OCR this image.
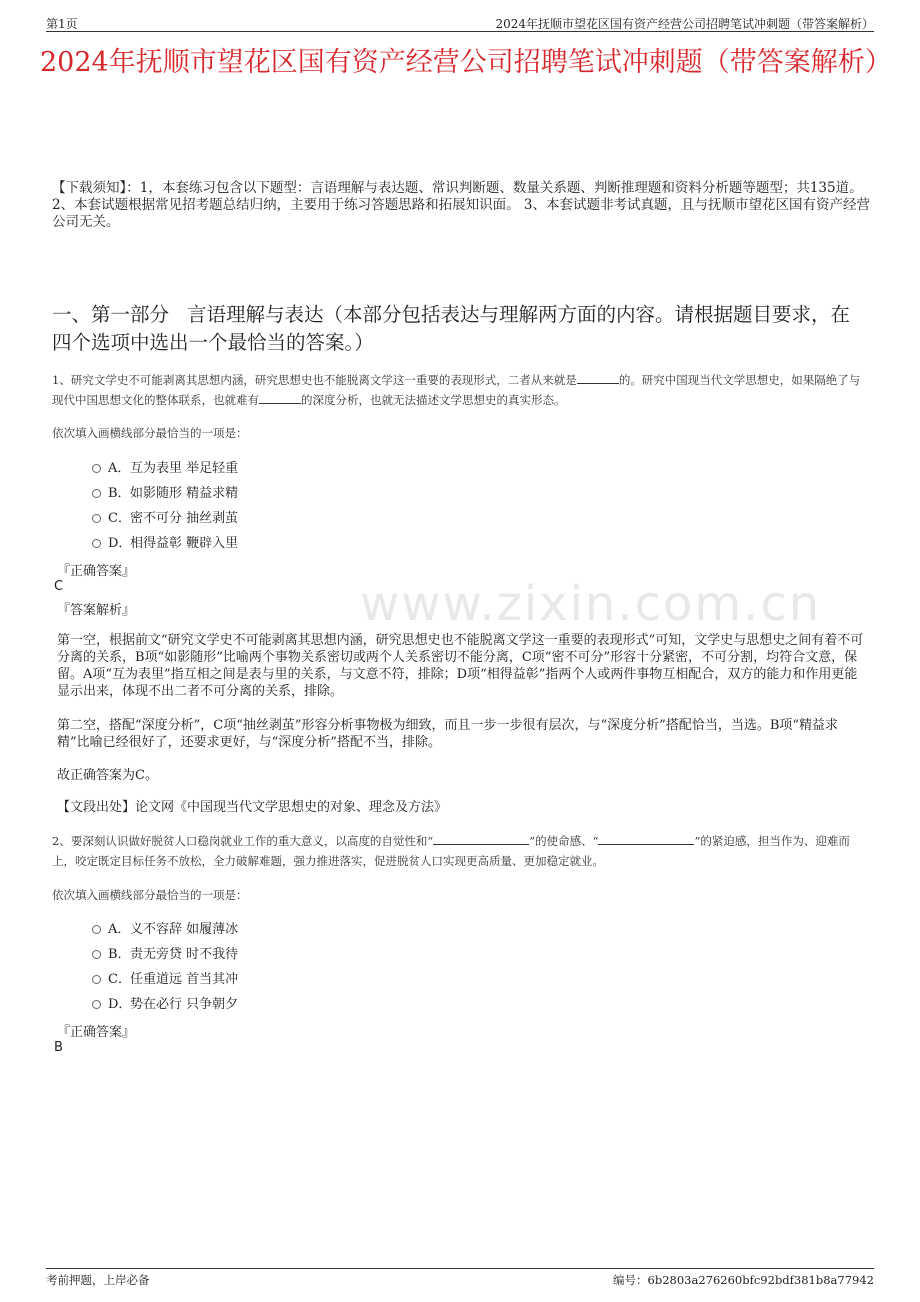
第1页	2024年抚顺市望花区国有资产经营公司招聘笔试冲刺题（带答案解析）
2024年抚顺市望花区国有资产经营公司招聘笔试冲刺题（带答案解析）
【下载须知】：1，本套练习包含以下题型：言语理解与表达题、常识判断题、数量关系题、判断推理题和资料分析题等题型；共135道。 2、本套试题根据常见招考题总结归纳，主要用于练习答题思路和拓展知识面。 3、本套试题非考试真题，且与抚顺市望花区国有资产经营公司无关。
一、第一部分 言语理解与表达（本部分包括表达与理解两方面的内容。请根据题目要求，在四个选项中选出一个最恰当的答案。）
www.zixin.com.cn
1、研究文学史不可能剥离其思想内涵，研究思想史也不能脱离文学这一重要的表现形式，二者从来就是	的。研究中国现当代文学思想史，如果隔绝了与现代中国思想文化的整体联系，也就难有	的深度分析，也就无法描述文学思想史的真实形态。
依次填入画横线部分最恰当的一项是：
A． 互为表里 举足轻重
B． 如影随形 精益求精
C． 密不可分 抽丝剥茧
D．
相得益彰 鞭辟入里
『正确答案』
C
『答案解析』
第一空，根据前文“研究文学史不可能剥离其思想内涵，研究思想史也不能脱离文学这一重要的表现形式”可知，文学史与思想史之间有着不可分离的关系，B项“如影随形”比喻两个事物关系密切或两个人关系密切不能分离，C项“密不可分”形容十分紧密，不可分割，均符合文意，保留。A项“互为表里”指互相之间是表与里的关系，与文意不符，排除；D项“相得益彰”指两个人或两件事物互相配合，双方的能力和作用更能显示出来，体现不出二者不可分离的关系，排除。
第二空，搭配“深度分析”，C项“抽丝剥茧”形容分析事物极为细致，而且一步一步很有层次，与“深度分析”搭配恰当，当选。B项“精益求精”比喻已经很好了，还要求更好，与“深度分析”搭配不当，排除。
故正确答案为C。
【文段出处】论文网《中国现当代文学思想史的对象、理念及方法》
2、要深刻认识做好脱贫人口稳岗就业工作的重大意义，以高度的自觉性和“	”的使命感、“	”的紧迫感，担当作为、迎难而上，咬定既定目标任务不放松，全力破解难题，强力推进落实，促进脱贫人口实现更高质量、更加稳定就业。
依次填入画横线部分最恰当的一项是：
A． 义不容辞 如履薄冰
B． 责无旁贷 时不我待
C． 任重道远 首当其冲
D．
势在必行 只争朝夕
『正确答案』
B
考前押题，上岸必备	编号：6b2803a276260bfc92bdf381b8a77942
